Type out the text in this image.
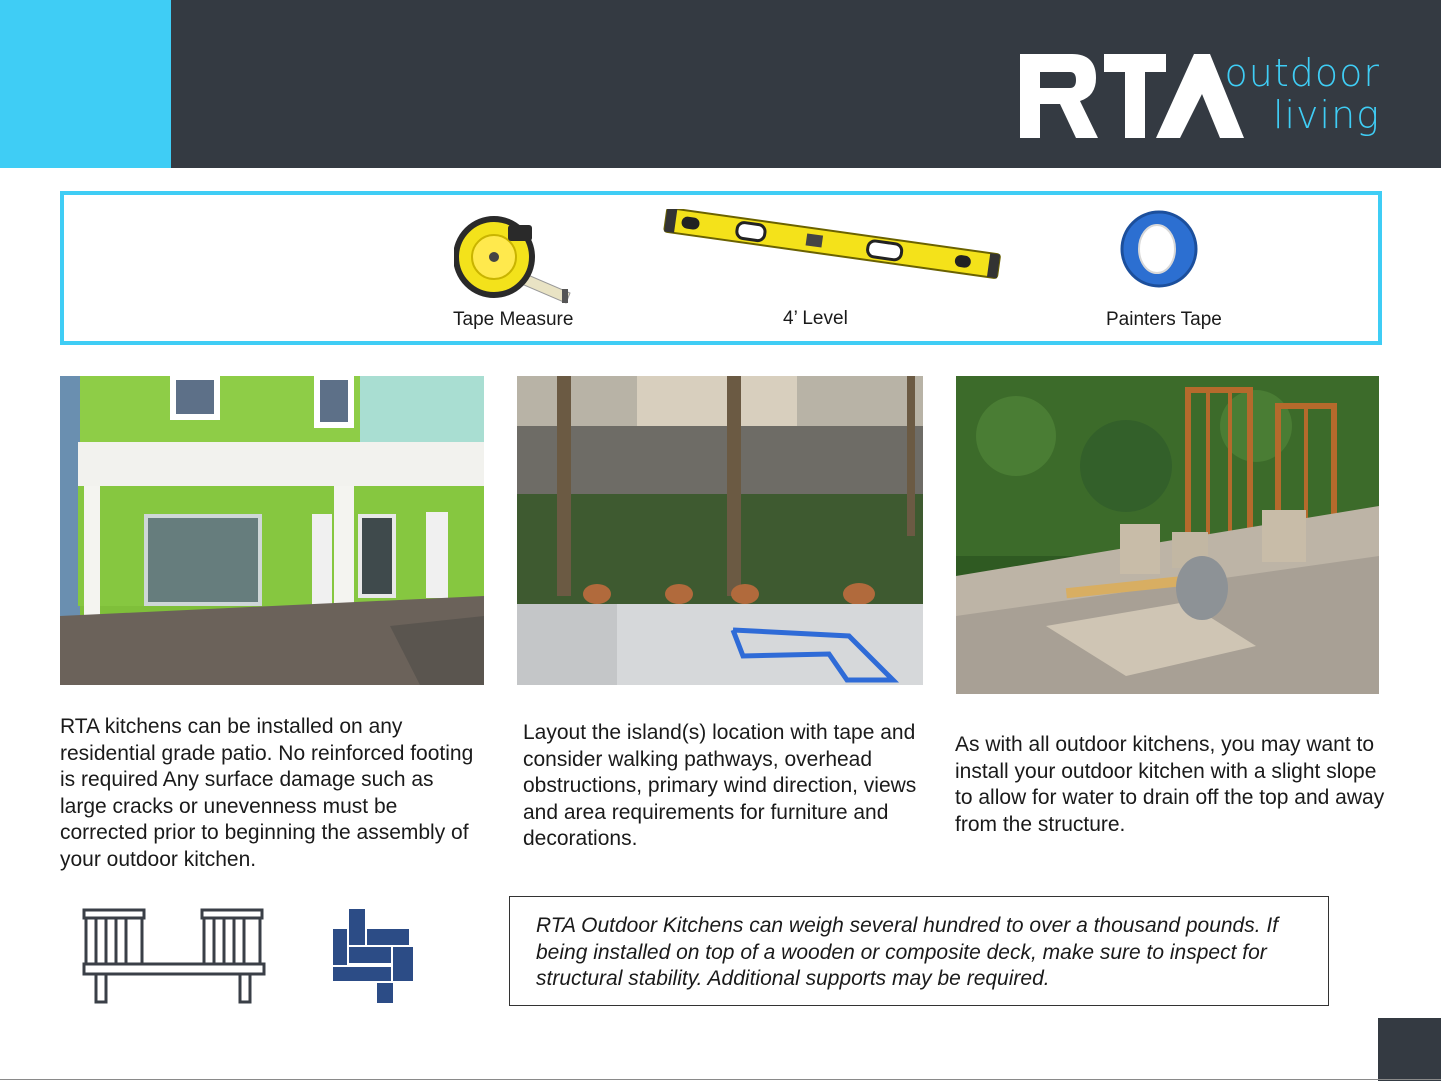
outdoor
living
Tape Measure	4’ Level	Painters Tape
RTA kitchens can be installed on any residential grade patio. No reinforced footing is required Any surface damage such as large cracks or unevenness must be corrected prior to beginning the assembly of your outdoor kitchen.
Layout the island(s) location with tape and consider walking pathways, overhead obstructions, primary wind direction, views and area requirements for furniture and decorations.
As with all outdoor kitchens, you may want to install your outdoor kitchen with a slight slope to allow for water to drain off the top and away from the structure.
RTA Outdoor Kitchens can weigh several hundred to over a thousand pounds. If being installed on top of a wooden or composite deck, make sure to inspect for structural stability. Additional supports may be required.
